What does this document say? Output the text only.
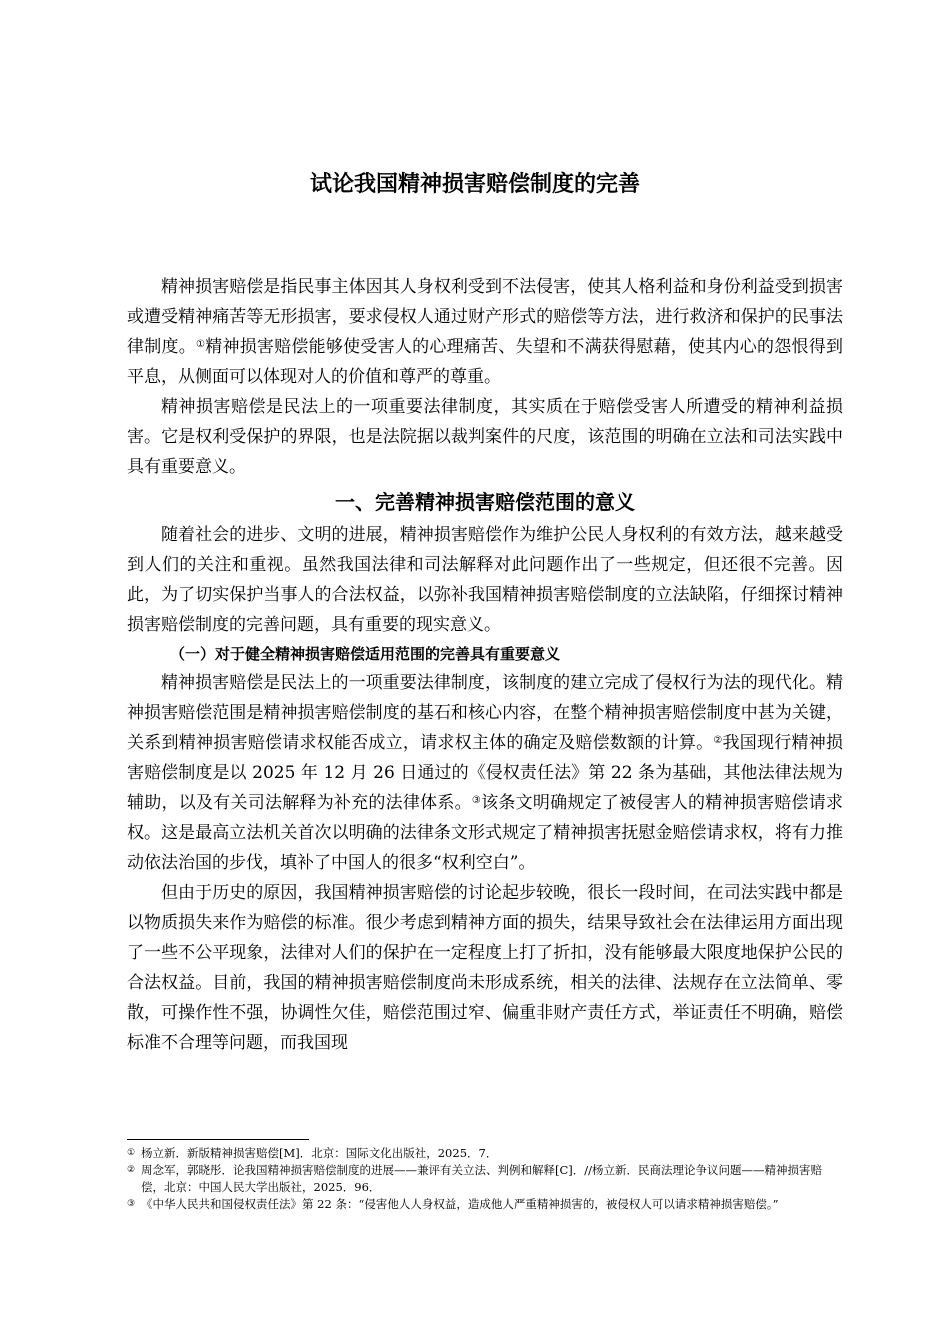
试论我国精神损害赔偿制度的完善

精神损害赔偿是指民事主体因其人身权利受到不法侵害，使其人格利益和身份利益受到损害或遭受精神痛苦等无形损害，要求侵权人通过财产形式的赔偿等方法，进行救济和保护的民事法律制度。①精神损害赔偿能够使受害人的心理痛苦、失望和不满获得慰藉，使其内心的怨恨得到平息，从侧面可以体现对人的价值和尊严的尊重。

精神损害赔偿是民法上的一项重要法律制度，其实质在于赔偿受害人所遭受的精神利益损害。它是权利受保护的界限，也是法院据以裁判案件的尺度，该范围的明确在立法和司法实践中具有重要意义。

一、完善精神损害赔偿范围的意义

随着社会的进步、文明的进展，精神损害赔偿作为维护公民人身权利的有效方法，越来越受到人们的关注和重视。虽然我国法律和司法解释对此问题作出了一些规定，但还很不完善。因此，为了切实保护当事人的合法权益，以弥补我国精神损害赔偿制度的立法缺陷，仔细探讨精神损害赔偿制度的完善问题，具有重要的现实意义。

（一）对于健全精神损害赔偿适用范围的完善具有重要意义

精神损害赔偿是民法上的一项重要法律制度，该制度的建立完成了侵权行为法的现代化。精神损害赔偿范围是精神损害赔偿制度的基石和核心内容，在整个精神损害赔偿制度中甚为关键，关系到精神损害赔偿请求权能否成立，请求权主体的确定及赔偿数额的计算。②我国现行精神损害赔偿制度是以 2025 年 12 月 26 日通过的《侵权责任法》第 22 条为基础，其他法律法规为辅助，以及有关司法解释为补充的法律体系。③该条文明确规定了被侵害人的精神损害赔偿请求权。这是最高立法机关首次以明确的法律条文形式规定了精神损害抚慰金赔偿请求权，将有力推动依法治国的步伐，填补了中国人的很多“权利空白”。

但由于历史的原因，我国精神损害赔偿的讨论起步较晚，很长一段时间，在司法实践中都是以物质损失来作为赔偿的标准。很少考虑到精神方面的损失，结果导致社会在法律运用方面出现了一些不公平现象，法律对人们的保护在一定程度上打了折扣，没有能够最大限度地保护公民的合法权益。目前，我国的精神损害赔偿制度尚未形成系统，相关的法律、法规存在立法简单、零散，可操作性不强，协调性欠佳，赔偿范围过窄、偏重非财产责任方式，举证责任不明确，赔偿标准不合理等问题，而我国现

① 杨立新．新版精神损害赔偿[M]．北京：国际文化出版社，2025．7．
② 周念军，郭晓彤．论我国精神损害赔偿制度的进展——兼评有关立法、判例和解释[C]．//杨立新．民商法理论争议问题——精神损害赔偿，北京：中国人民大学出版社，2025．96．
③ 《中华人民共和国侵权责任法》第 22 条：“侵害他人人身权益，造成他人严重精神损害的，被侵权人可以请求精神损害赔偿。”
